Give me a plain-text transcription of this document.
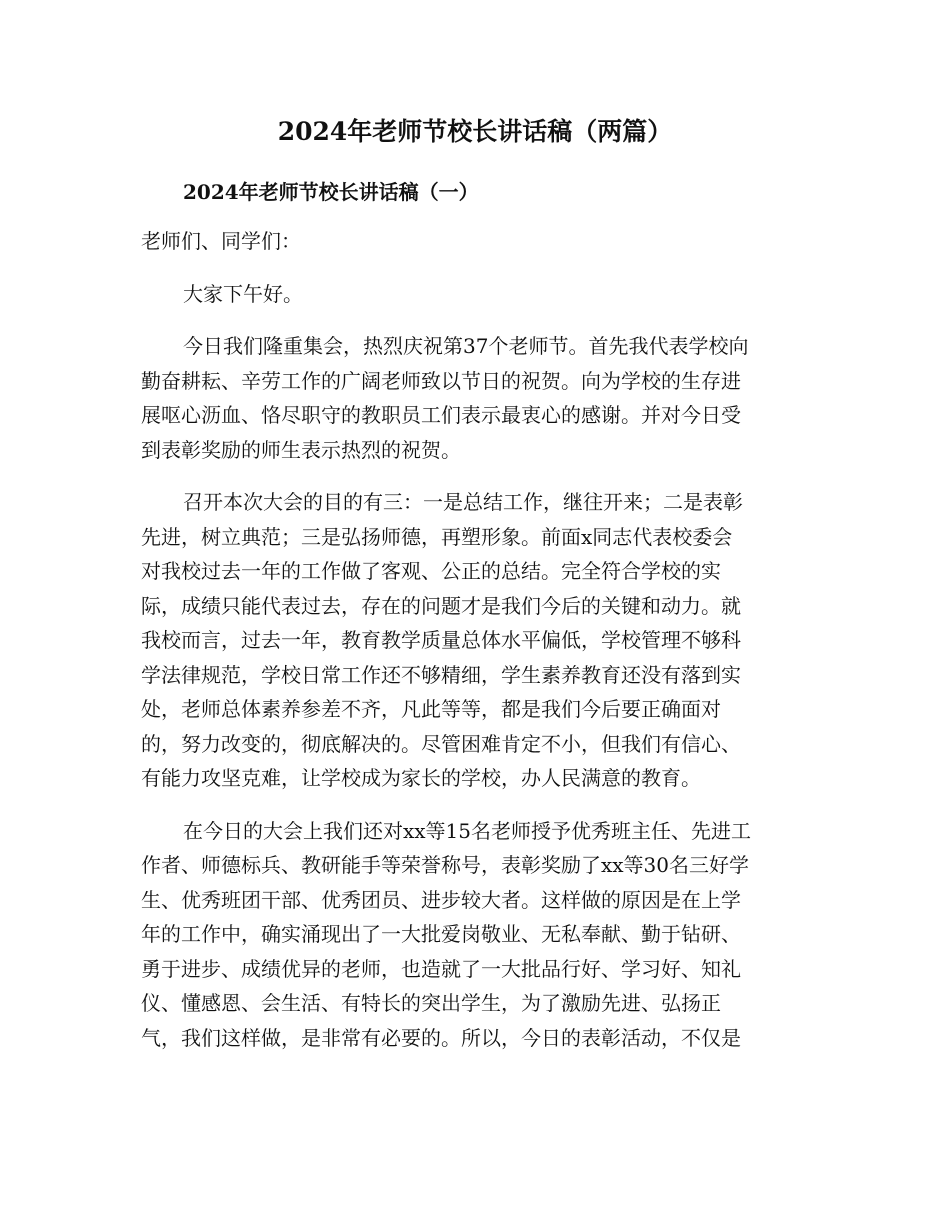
2024年老师节校长讲话稿（两篇）
2024年老师节校长讲话稿（一）

老师们、同学们：

大家下午好。

今日我们隆重集会，热烈庆祝第37个老师节。首先我代表学校向
勤奋耕耘、辛劳工作的广阔老师致以节日的祝贺。向为学校的生存进
展呕心沥血、恪尽职守的教职员工们表示最衷心的感谢。并对今日受
到表彰奖励的师生表示热烈的祝贺。

召开本次大会的目的有三：一是总结工作，继往开来；二是表彰
先进，树立典范；三是弘扬师德，再塑形象。前面x同志代表校委会
对我校过去一年的工作做了客观、公正的总结。完全符合学校的实
际，成绩只能代表过去，存在的问题才是我们今后的关键和动力。就
我校而言，过去一年，教育教学质量总体水平偏低，学校管理不够科
学法律规范，学校日常工作还不够精细，学生素养教育还没有落到实
处，老师总体素养参差不齐，凡此等等，都是我们今后要正确面对
的，努力改变的，彻底解决的。尽管困难肯定不小，但我们有信心、
有能力攻坚克难，让学校成为家长的学校，办人民满意的教育。

在今日的大会上我们还对xx等15名老师授予优秀班主任、先进工
作者、师德标兵、教研能手等荣誉称号，表彰奖励了xx等30名三好学
生、优秀班团干部、优秀团员、进步较大者。这样做的原因是在上学
年的工作中，确实涌现出了一大批爱岗敬业、无私奉献、勤于钻研、
勇于进步、成绩优异的老师，也造就了一大批品行好、学习好、知礼
仪、懂感恩、会生活、有特长的突出学生，为了激励先进、弘扬正
气，我们这样做，是非常有必要的。所以，今日的表彰活动，不仅是
